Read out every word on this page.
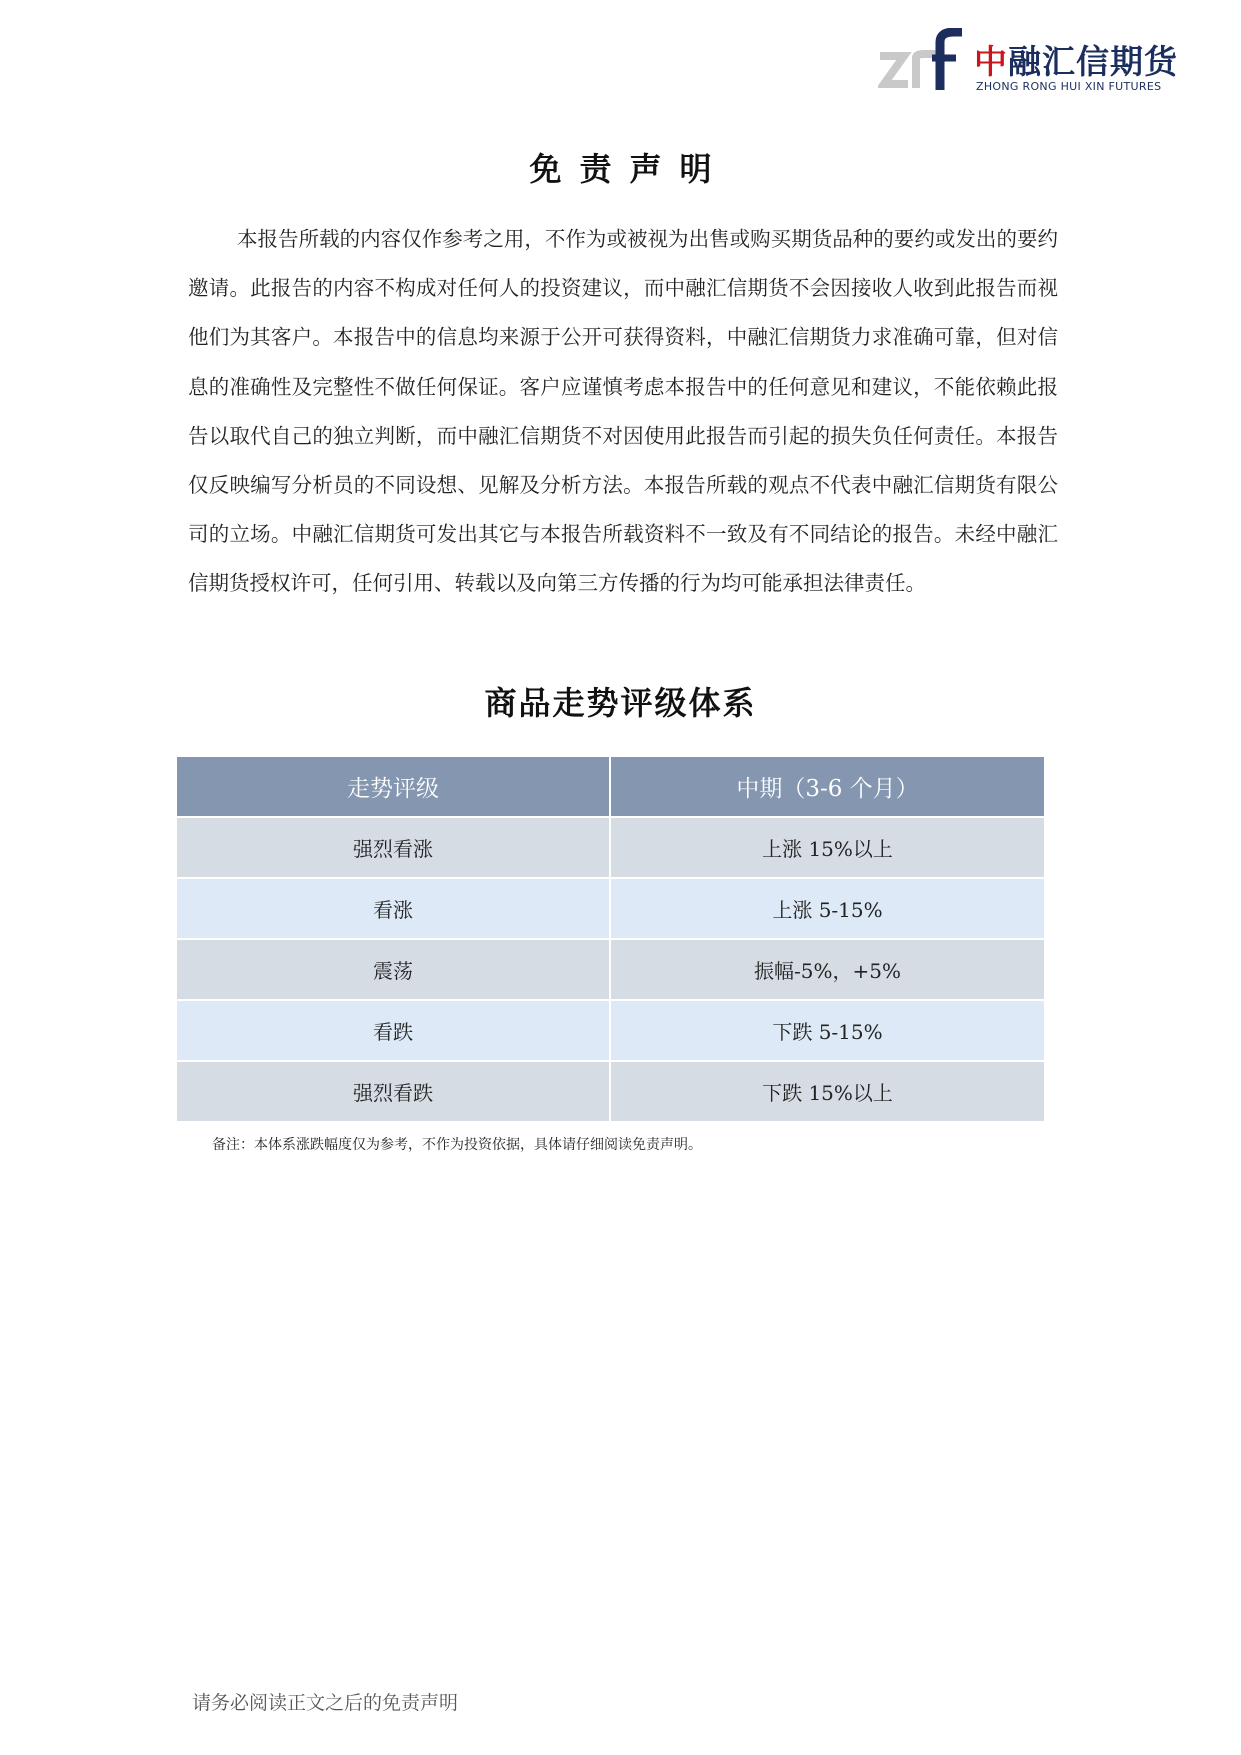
中融汇信期货
ZHONG RONG HUI XIN FUTURES
免责声明

本报告所载的内容仅作参考之用，不作为或被视为出售或购买期货品种的要约或发出的要约邀请。此报告的内容不构成对任何人的投资建议，而中融汇信期货不会因接收人收到此报告而视他们为其客户。本报告中的信息均来源于公开可获得资料，中融汇信期货力求准确可靠，但对信息的准确性及完整性不做任何保证。客户应谨慎考虑本报告中的任何意见和建议，不能依赖此报告以取代自己的独立判断，而中融汇信期货不对因使用此报告而引起的损失负任何责任。本报告仅反映编写分析员的不同设想、见解及分析方法。本报告所载的观点不代表中融汇信期货有限公司的立场。中融汇信期货可发出其它与本报告所载资料不一致及有不同结论的报告。未经中融汇信期货授权许可，任何引用、转载以及向第三方传播的行为均可能承担法律责任。

商品走势评级体系
走势评级	中期（3-6 个月）
强烈看涨	上涨 15%以上
看涨	上涨 5-15%
震荡	振幅-5%，+5%
看跌	下跌 5-15%
强烈看跌	下跌 15%以上
备注：本体系涨跌幅度仅为参考，不作为投资依据，具体请仔细阅读免责声明。
请务必阅读正文之后的免责声明
